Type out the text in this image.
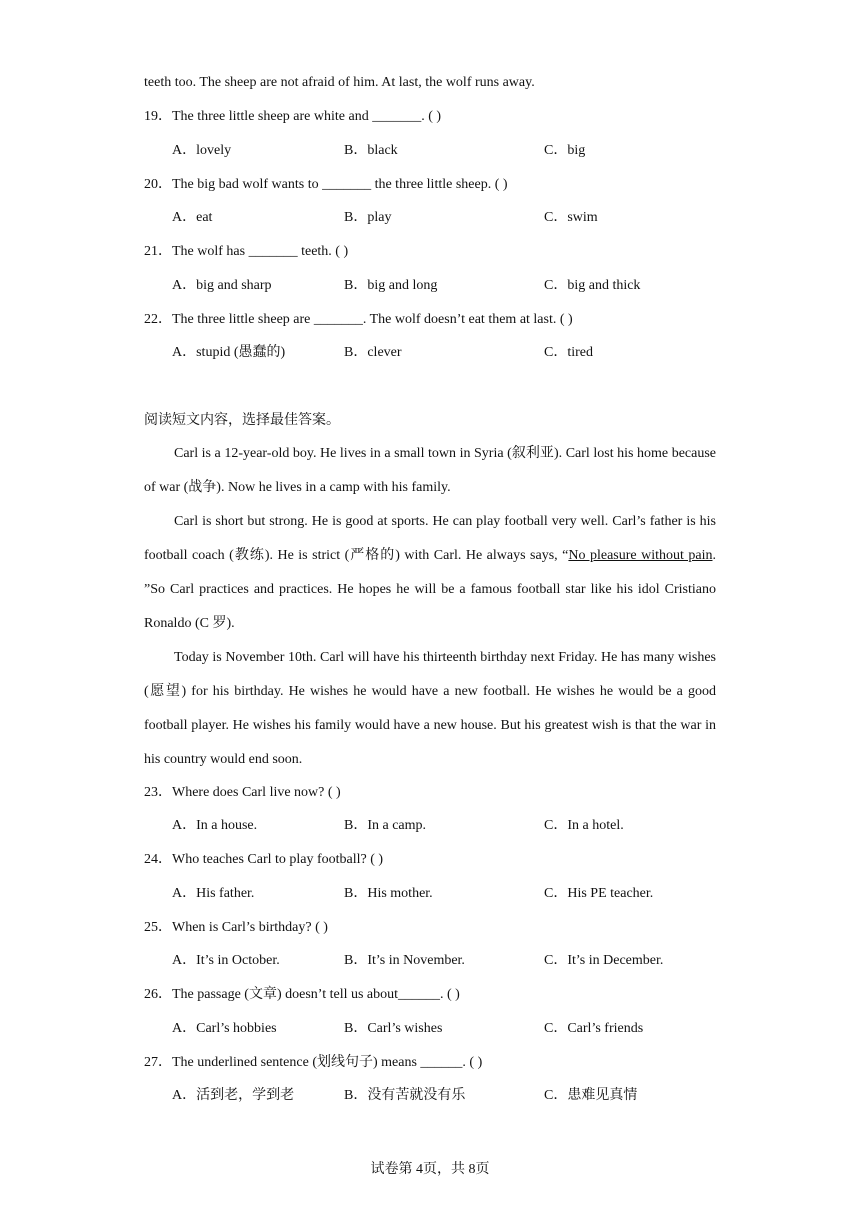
teeth too. The sheep are not afraid of him. At last, the wolf runs away.
19．The three little sheep are white and _______. ( )
A．lovely	B．black	C．big
20．The big bad wolf wants to _______ the three little sheep. ( )
A．eat	B．play	C．swim
21．The wolf has _______ teeth. ( )
A．big and sharp	B．big and long	C．big and thick
22．The three little sheep are _______. The wolf doesn’t eat them at last. ( )
A．stupid (愚蠢的)	B．clever	C．tired
阅读短文内容，选择最佳答案。

Carl is a 12-year-old boy. He lives in a small town in Syria (叙利亚). Carl lost his home because of war (战争). Now he lives in a camp with his family.

Carl is short but strong. He is good at sports. He can play football very well. Carl’s father is his football coach (教练). He is strict (严格的) with Carl. He always says, “No pleasure without pain. ”So Carl practices and practices. He hopes he will be a famous football star like his idol Cristiano Ronaldo (C 罗).

Today is November 10th. Carl will have his thirteenth birthday next Friday. He has many wishes (愿望) for his birthday. He wishes he would have a new football. He wishes he would be a good football player. He wishes his family would have a new house. But his greatest wish is that the war in his country would end soon.

23．Where does Carl live now? ( )
A．In a house.	B．In a camp.	C．In a hotel.
24．Who teaches Carl to play football? ( )
A．His father.	B．His mother.	C．His PE teacher.
25．When is Carl’s birthday? ( )
A．It’s in October.	B．It’s in November.	C．It’s in December.
26．The passage (文章) doesn’t tell us about______. ( )
A．Carl’s hobbies	B．Carl’s wishes	C．Carl’s friends
27．The underlined sentence (划线句子) means ______. ( )
A．活到老，学到老	B．没有苦就没有乐	C．患难见真情
试卷第 4页，共 8页
